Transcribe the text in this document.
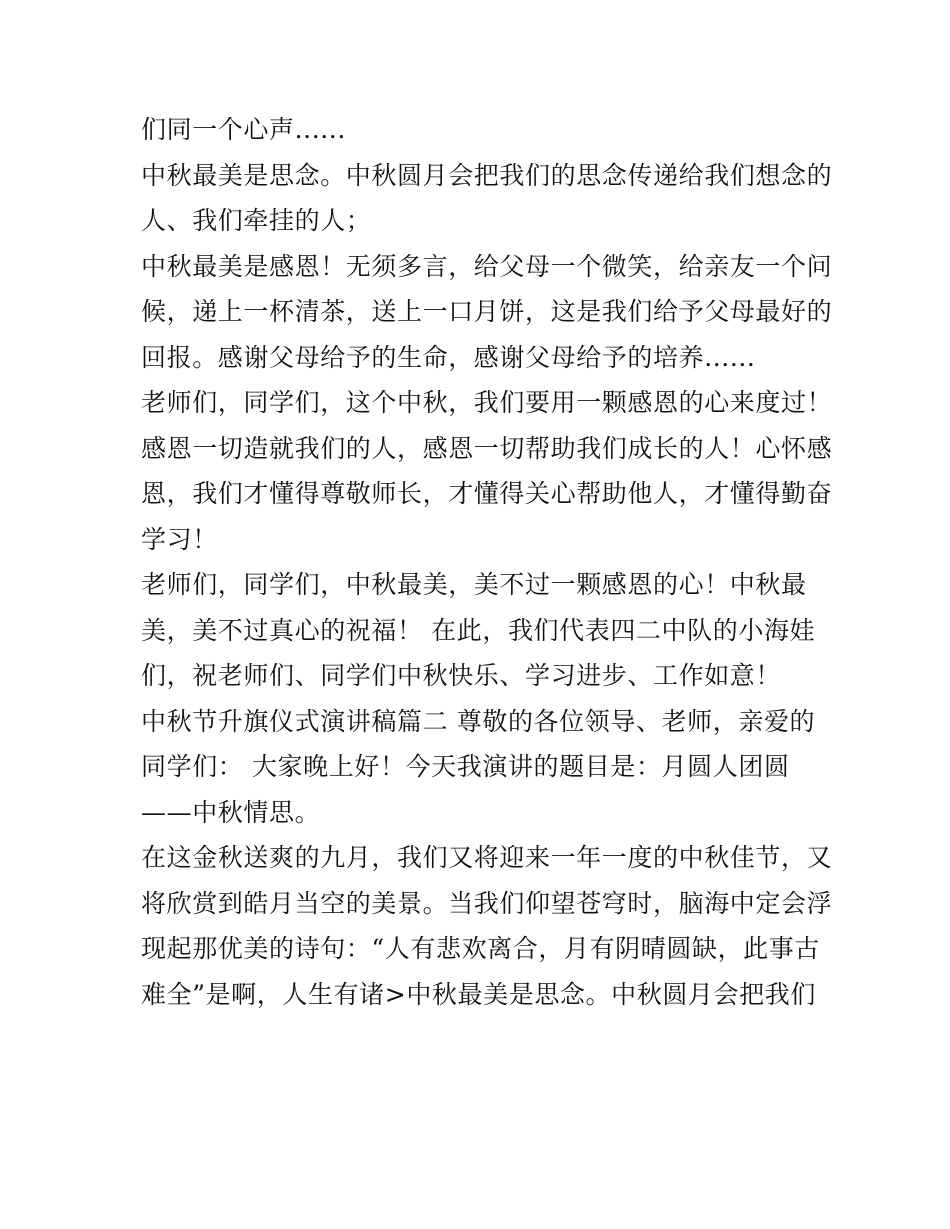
们同一个心声......
中秋最美是思念。中秋圆月会把我们的思念传递给我们想念的
人、我们牵挂的人；
中秋最美是感恩！无须多言，给父母一个微笑，给亲友一个问
候，递上一杯清茶，送上一口月饼，这是我们给予父母最好的
回报。感谢父母给予的生命，感谢父母给予的培养......
老师们，同学们，这个中秋，我们要用一颗感恩的心来度过！
感恩一切造就我们的人，感恩一切帮助我们成长的人！心怀感
恩，我们才懂得尊敬师长，才懂得关心帮助他人，才懂得勤奋
学习！
老师们，同学们，中秋最美，美不过一颗感恩的心！中秋最
美，美不过真心的祝福！ 在此，我们代表四二中队的小海娃
们，祝老师们、同学们中秋快乐、学习进步、工作如意！
中秋节升旗仪式演讲稿篇二 尊敬的各位领导、老师，亲爱的
同学们： 大家晚上好！今天我演讲的题目是：月圆人团圆
——中秋情思。
在这金秋送爽的九月，我们又将迎来一年一度的中秋佳节，又
将欣赏到皓月当空的美景。当我们仰望苍穹时，脑海中定会浮
现起那优美的诗句：“人有悲欢离合，月有阴晴圆缺，此事古
难全”是啊，人生有诸>中秋最美是思念。中秋圆月会把我们
